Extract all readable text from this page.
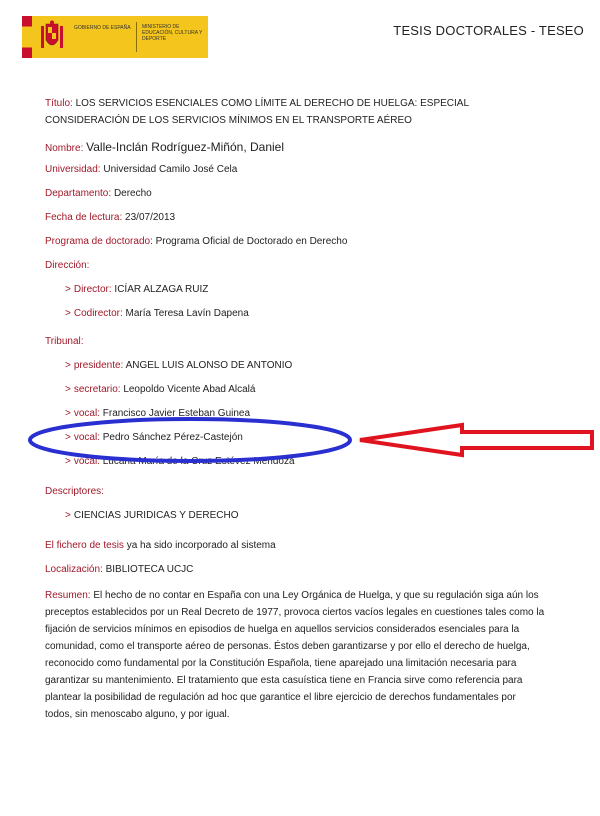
GOBIERNO DE ESPAÑA	MINISTERIO DE EDUCACIÓN, CULTURA Y DEPORTE
TESIS DOCTORALES - TESEO
Título: LOS SERVICIOS ESENCIALES COMO LÍMITE AL DERECHO DE HUELGA: ESPECIAL
CONSIDERACIÓN DE LOS SERVICIOS MÍNIMOS EN EL TRANSPORTE AÉREO
Nombre: Valle-Inclán Rodríguez-Miñón, Daniel
Universidad: Universidad Camilo José Cela
Departamento: Derecho
Fecha de lectura: 23/07/2013
Programa de doctorado: Programa Oficial de Doctorado en Derecho
Dirección:
> Director: ICÍAR ALZAGA RUIZ
> Codirector: María Teresa Lavín Dapena
Tribunal:
> presidente: ANGEL LUIS ALONSO DE ANTONIO
> secretario: Leopoldo Vicente Abad Alcalá
> vocal: Francisco Javier Esteban Guinea
> vocal: Pedro Sánchez Pérez-Castejón
> vocal: Lucana María de la Cruz Estévez Mendoza
Descriptores:
> CIENCIAS JURIDICAS Y DERECHO
El fichero de tesis ya ha sido incorporado al sistema
Localización: BIBLIOTECA UCJC
Resumen: El hecho de no contar en España con una Ley Orgánica de Huelga, y que su regulación siga aún los
preceptos establecidos por un Real Decreto de 1977, provoca ciertos vacíos legales en cuestiones tales como la
fijación de servicios mínimos en episodios de huelga en aquellos servicios considerados esenciales para la
comunidad, como el transporte aéreo de personas. Éstos deben garantizarse y por ello el derecho de huelga,
reconocido como fundamental por la Constitución Española, tiene aparejado una limitación necesaria para
garantizar su mantenimiento. El tratamiento que esta casuística tiene en Francia sirve como referencia para
plantear la posibilidad de regulación ad hoc que garantice el libre ejercicio de derechos fundamentales por
todos, sin menoscabo alguno, y por igual.
